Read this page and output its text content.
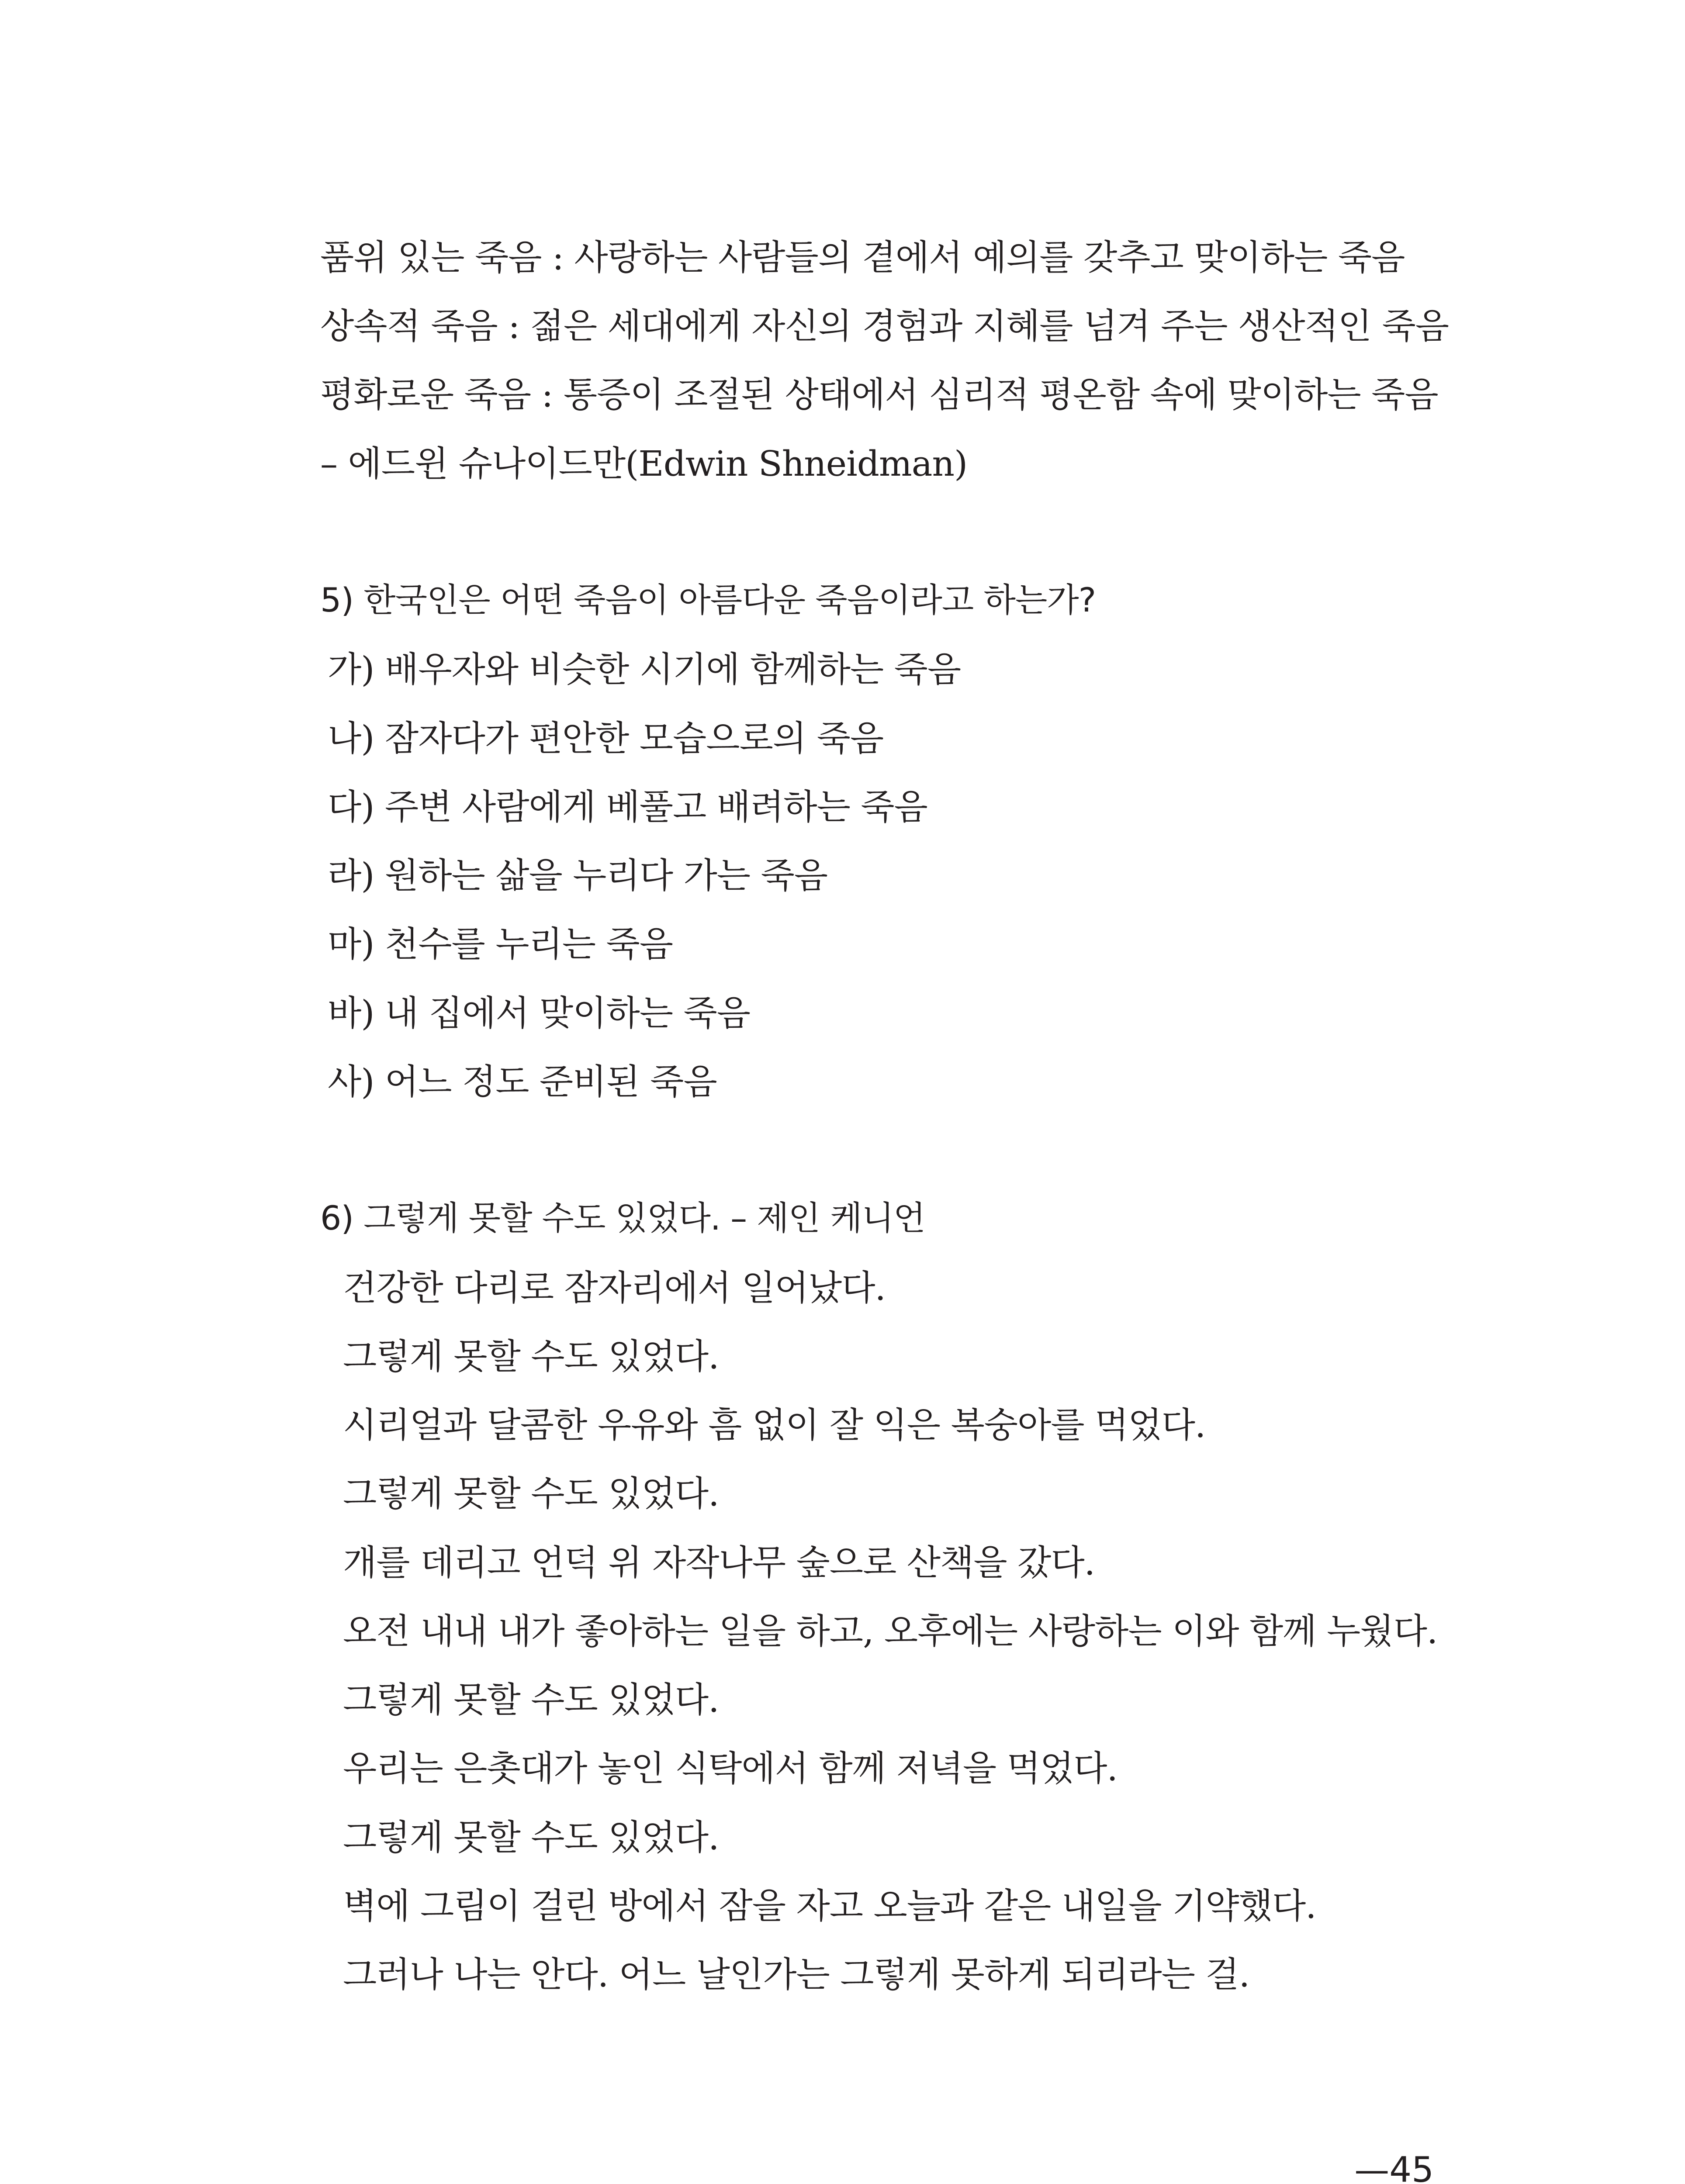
품위 있는 죽음 : 사랑하는 사람들의 곁에서 예의를 갖추고 맞이하는 죽음
상속적 죽음 : 젊은 세대에게 자신의 경험과 지혜를 넘겨 주는 생산적인 죽음
평화로운 죽음 : 통증이 조절된 상태에서 심리적 평온함 속에 맞이하는 죽음
– 에드윈 슈나이드만(Edwin Shneidman)
5) 한국인은 어떤 죽음이 아름다운 죽음이라고 하는가?
가) 배우자와 비슷한 시기에 함께하는 죽음
나) 잠자다가 편안한 모습으로의 죽음
다) 주변 사람에게 베풀고 배려하는 죽음
라) 원하는 삶을 누리다 가는 죽음
마) 천수를 누리는 죽음
바) 내 집에서 맞이하는 죽음
사) 어느 정도 준비된 죽음
6) 그렇게 못할 수도 있었다. – 제인 케니언
건강한 다리로 잠자리에서 일어났다.
그렇게 못할 수도 있었다.
시리얼과 달콤한 우유와 흠 없이 잘 익은 복숭아를 먹었다.
그렇게 못할 수도 있었다.
개를 데리고 언덕 위 자작나무 숲으로 산책을 갔다.
오전 내내 내가 좋아하는 일을 하고, 오후에는 사랑하는 이와 함께 누웠다.
그렇게 못할 수도 있었다.
우리는 은촛대가 놓인 식탁에서 함께 저녁을 먹었다.
그렇게 못할 수도 있었다.
벽에 그림이 걸린 방에서 잠을 자고 오늘과 같은 내일을 기약했다.
그러나 나는 안다. 어느 날인가는 그렇게 못하게 되리라는 걸.
—45
